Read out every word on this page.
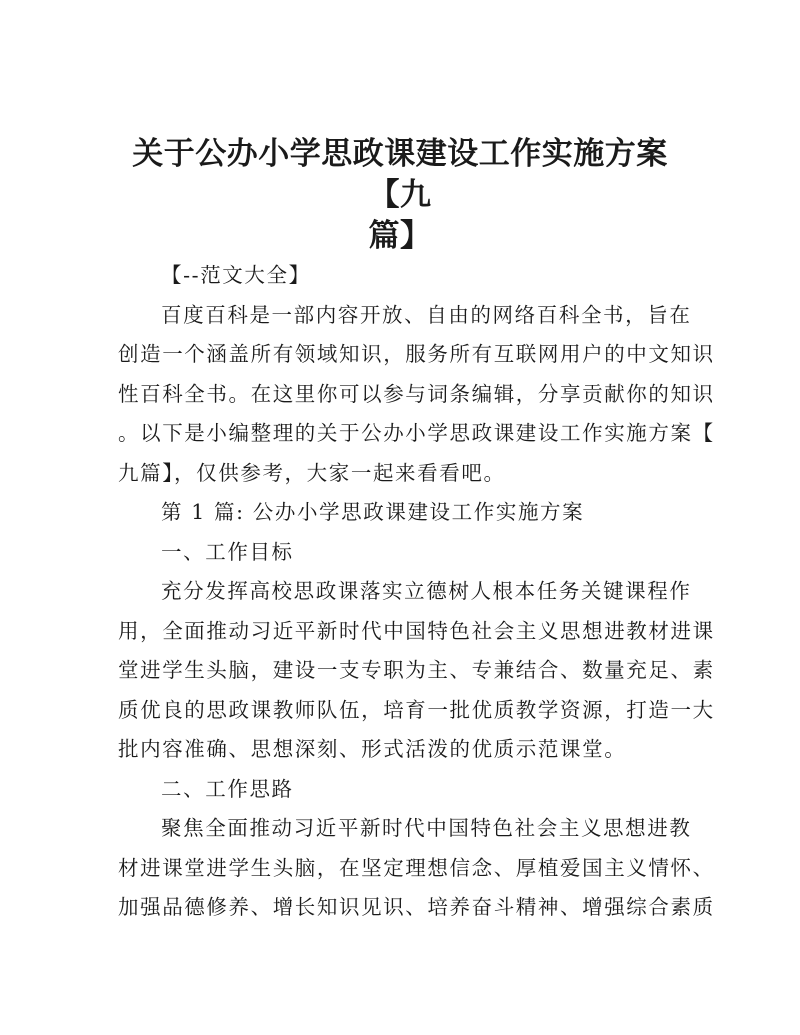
关于公办小学思政课建设工作实施方案【九
篇】

【--范文大全】

百度百科是一部内容开放、自由的网络百科全书，旨在
创造一个涵盖所有领域知识，服务所有互联网用户的中文知识
性百科全书。在这里你可以参与词条编辑，分享贡献你的知识
。以下是小编整理的关于公办小学思政课建设工作实施方案【
九篇】，仅供参考，大家一起来看看吧。

第 1 篇: 公办小学思政课建设工作实施方案

一、工作目标

充分发挥高校思政课落实立德树人根本任务关键课程作
用，全面推动习近平新时代中国特色社会主义思想进教材进课
堂进学生头脑，建设一支专职为主、专兼结合、数量充足、素
质优良的思政课教师队伍，培育一批优质教学资源，打造一大
批内容准确、思想深刻、形式活泼的优质示范课堂。

二、工作思路

聚焦全面推动习近平新时代中国特色社会主义思想进教
材进课堂进学生头脑，在坚定理想信念、厚植爱国主义情怀、
加强品德修养、增长知识见识、培养奋斗精神、增强综合素质
